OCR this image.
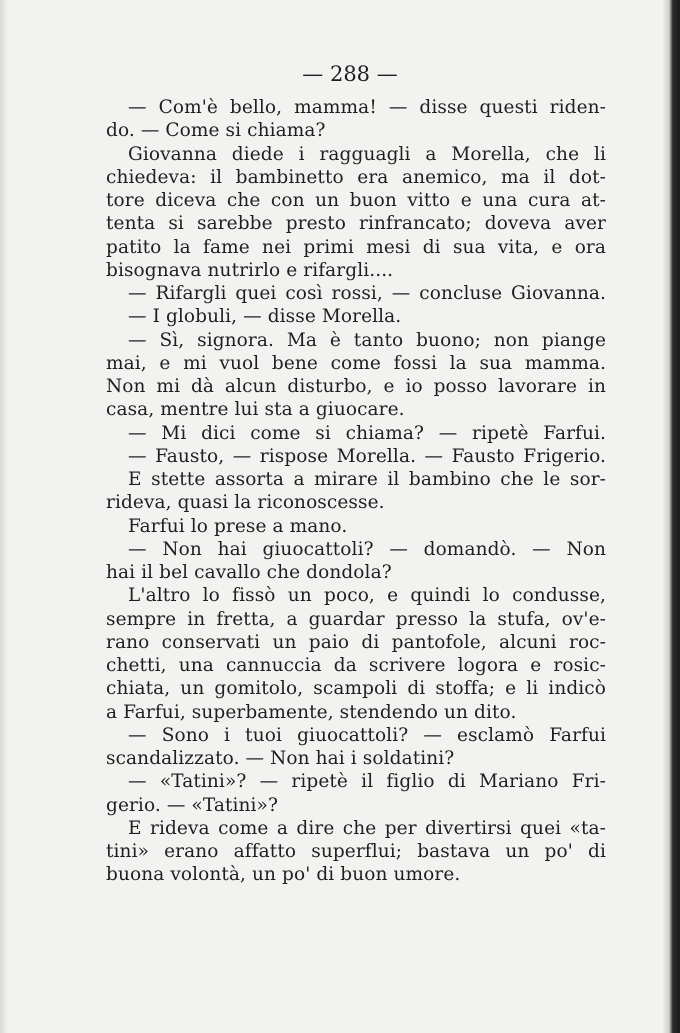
— 288 —
— Com'è bello, mamma! — disse questi riden-
do. — Come si chiama?
Giovanna diede i ragguagli a Morella, che li
chiedeva: il bambinetto era anemico, ma il dot-
tore diceva che con un buon vitto e una cura at-
tenta si sarebbe presto rinfrancato; doveva aver
patito la fame nei primi mesi di sua vita, e ora
bisognava nutrirlo e rifargli....
— Rifargli quei così rossi, — concluse Giovanna.
— I globuli, — disse Morella.
— Sì, signora. Ma è tanto buono; non piange
mai, e mi vuol bene come fossi la sua mamma.
Non mi dà alcun disturbo, e io posso lavorare in
casa, mentre lui sta a giuocare.
— Mi dici come si chiama? — ripetè Farfui.
— Fausto, — rispose Morella. — Fausto Frigerio.
E stette assorta a mirare il bambino che le sor-
rideva, quasi la riconoscesse.
Farfui lo prese a mano.
— Non hai giuocattoli? — domandò. — Non
hai il bel cavallo che dondola?
L'altro lo fissò un poco, e quindi lo condusse,
sempre in fretta, a guardar presso la stufa, ov'e-
rano conservati un paio di pantofole, alcuni roc-
chetti, una cannuccia da scrivere logora e rosic-
chiata, un gomitolo, scampoli di stoffa; e li indicò
a Farfui, superbamente, stendendo un dito.
— Sono i tuoi giuocattoli? — esclamò Farfui
scandalizzato. — Non hai i soldatini?
— «Tatini»? — ripetè il figlio di Mariano Fri-
gerio. — «Tatini»?
E rideva come a dire che per divertirsi quei «ta-
tini» erano affatto superflui; bastava un po' di
buona volontà, un po' di buon umore.
